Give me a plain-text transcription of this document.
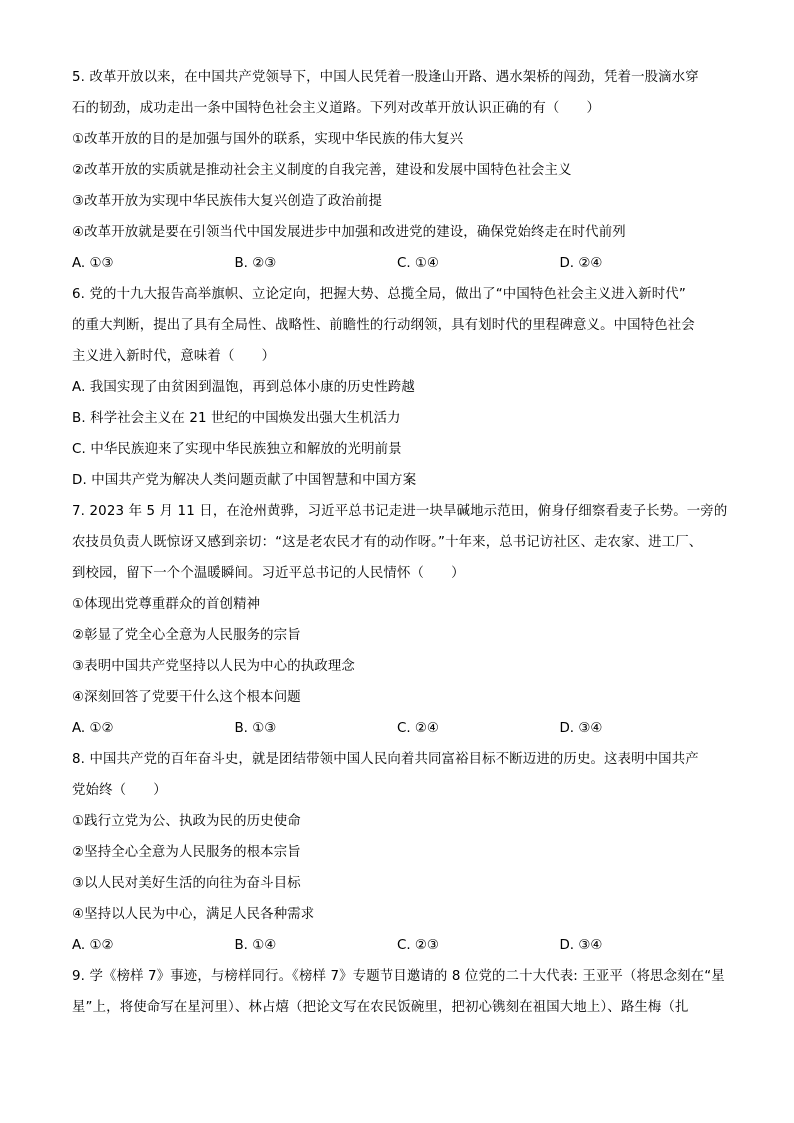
5. 改革开放以来，在中国共产党领导下，中国人民凭着一股逢山开路、遇水架桥的闯劲，凭着一股滴水穿
石的韧劲，成功走出一条中国特色社会主义道路。下列对改革开放认识正确的有（　　）
①改革开放的目的是加强与国外的联系，实现中华民族的伟大复兴
②改革开放的实质就是推动社会主义制度的自我完善，建设和发展中国特色社会主义
③改革开放为实现中华民族伟大复兴创造了政治前提
④改革开放就是要在引领当代中国发展进步中加强和改进党的建设，确保党始终走在时代前列
A. ①③	B. ②③	C. ①④	D. ②④
6. 党的十九大报告高举旗帜、立论定向，把握大势、总揽全局，做出了“中国特色社会主义进入新时代”
的重大判断，提出了具有全局性、战略性、前瞻性的行动纲领，具有划时代的里程碑意义。中国特色社会
主义进入新时代，意味着（　　）
A. 我国实现了由贫困到温饱，再到总体小康的历史性跨越
B. 科学社会主义在 21 世纪的中国焕发出强大生机活力
C. 中华民族迎来了实现中华民族独立和解放的光明前景
D. 中国共产党为解决人类问题贡献了中国智慧和中国方案
7. 2023 年 5 月 11 日，在沧州黄骅，习近平总书记走进一块旱碱地示范田，俯身仔细察看麦子长势。一旁的
农技员负责人既惊讶又感到亲切：“这是老农民才有的动作呀。”十年来，总书记访社区、走农家、进工厂、
到校园，留下一个个温暖瞬间。习近平总书记的人民情怀（　　）
①体现出党尊重群众的首创精神
②彰显了党全心全意为人民服务的宗旨
③表明中国共产党坚持以人民为中心的执政理念
④深刻回答了党要干什么这个根本问题
A. ①②	B. ①③	C. ②④	D. ③④
8. 中国共产党的百年奋斗史，就是团结带领中国人民向着共同富裕目标不断迈进的历史。这表明中国共产
党始终（　　）
①践行立党为公、执政为民的历史使命
②坚持全心全意为人民服务的根本宗旨
③以人民对美好生活的向往为奋斗目标
④坚持以人民为中心，满足人民各种需求
A. ①②	B. ①④	C. ②③	D. ③④
9. 学《榜样 7》事迹，与榜样同行。《榜样 7》专题节目邀请的 8 位党的二十大代表: 王亚平（将思念刻在“星
星”上，将使命写在星河里）、林占熺（把论文写在农民饭碗里，把初心镌刻在祖国大地上）、路生梅（扎
